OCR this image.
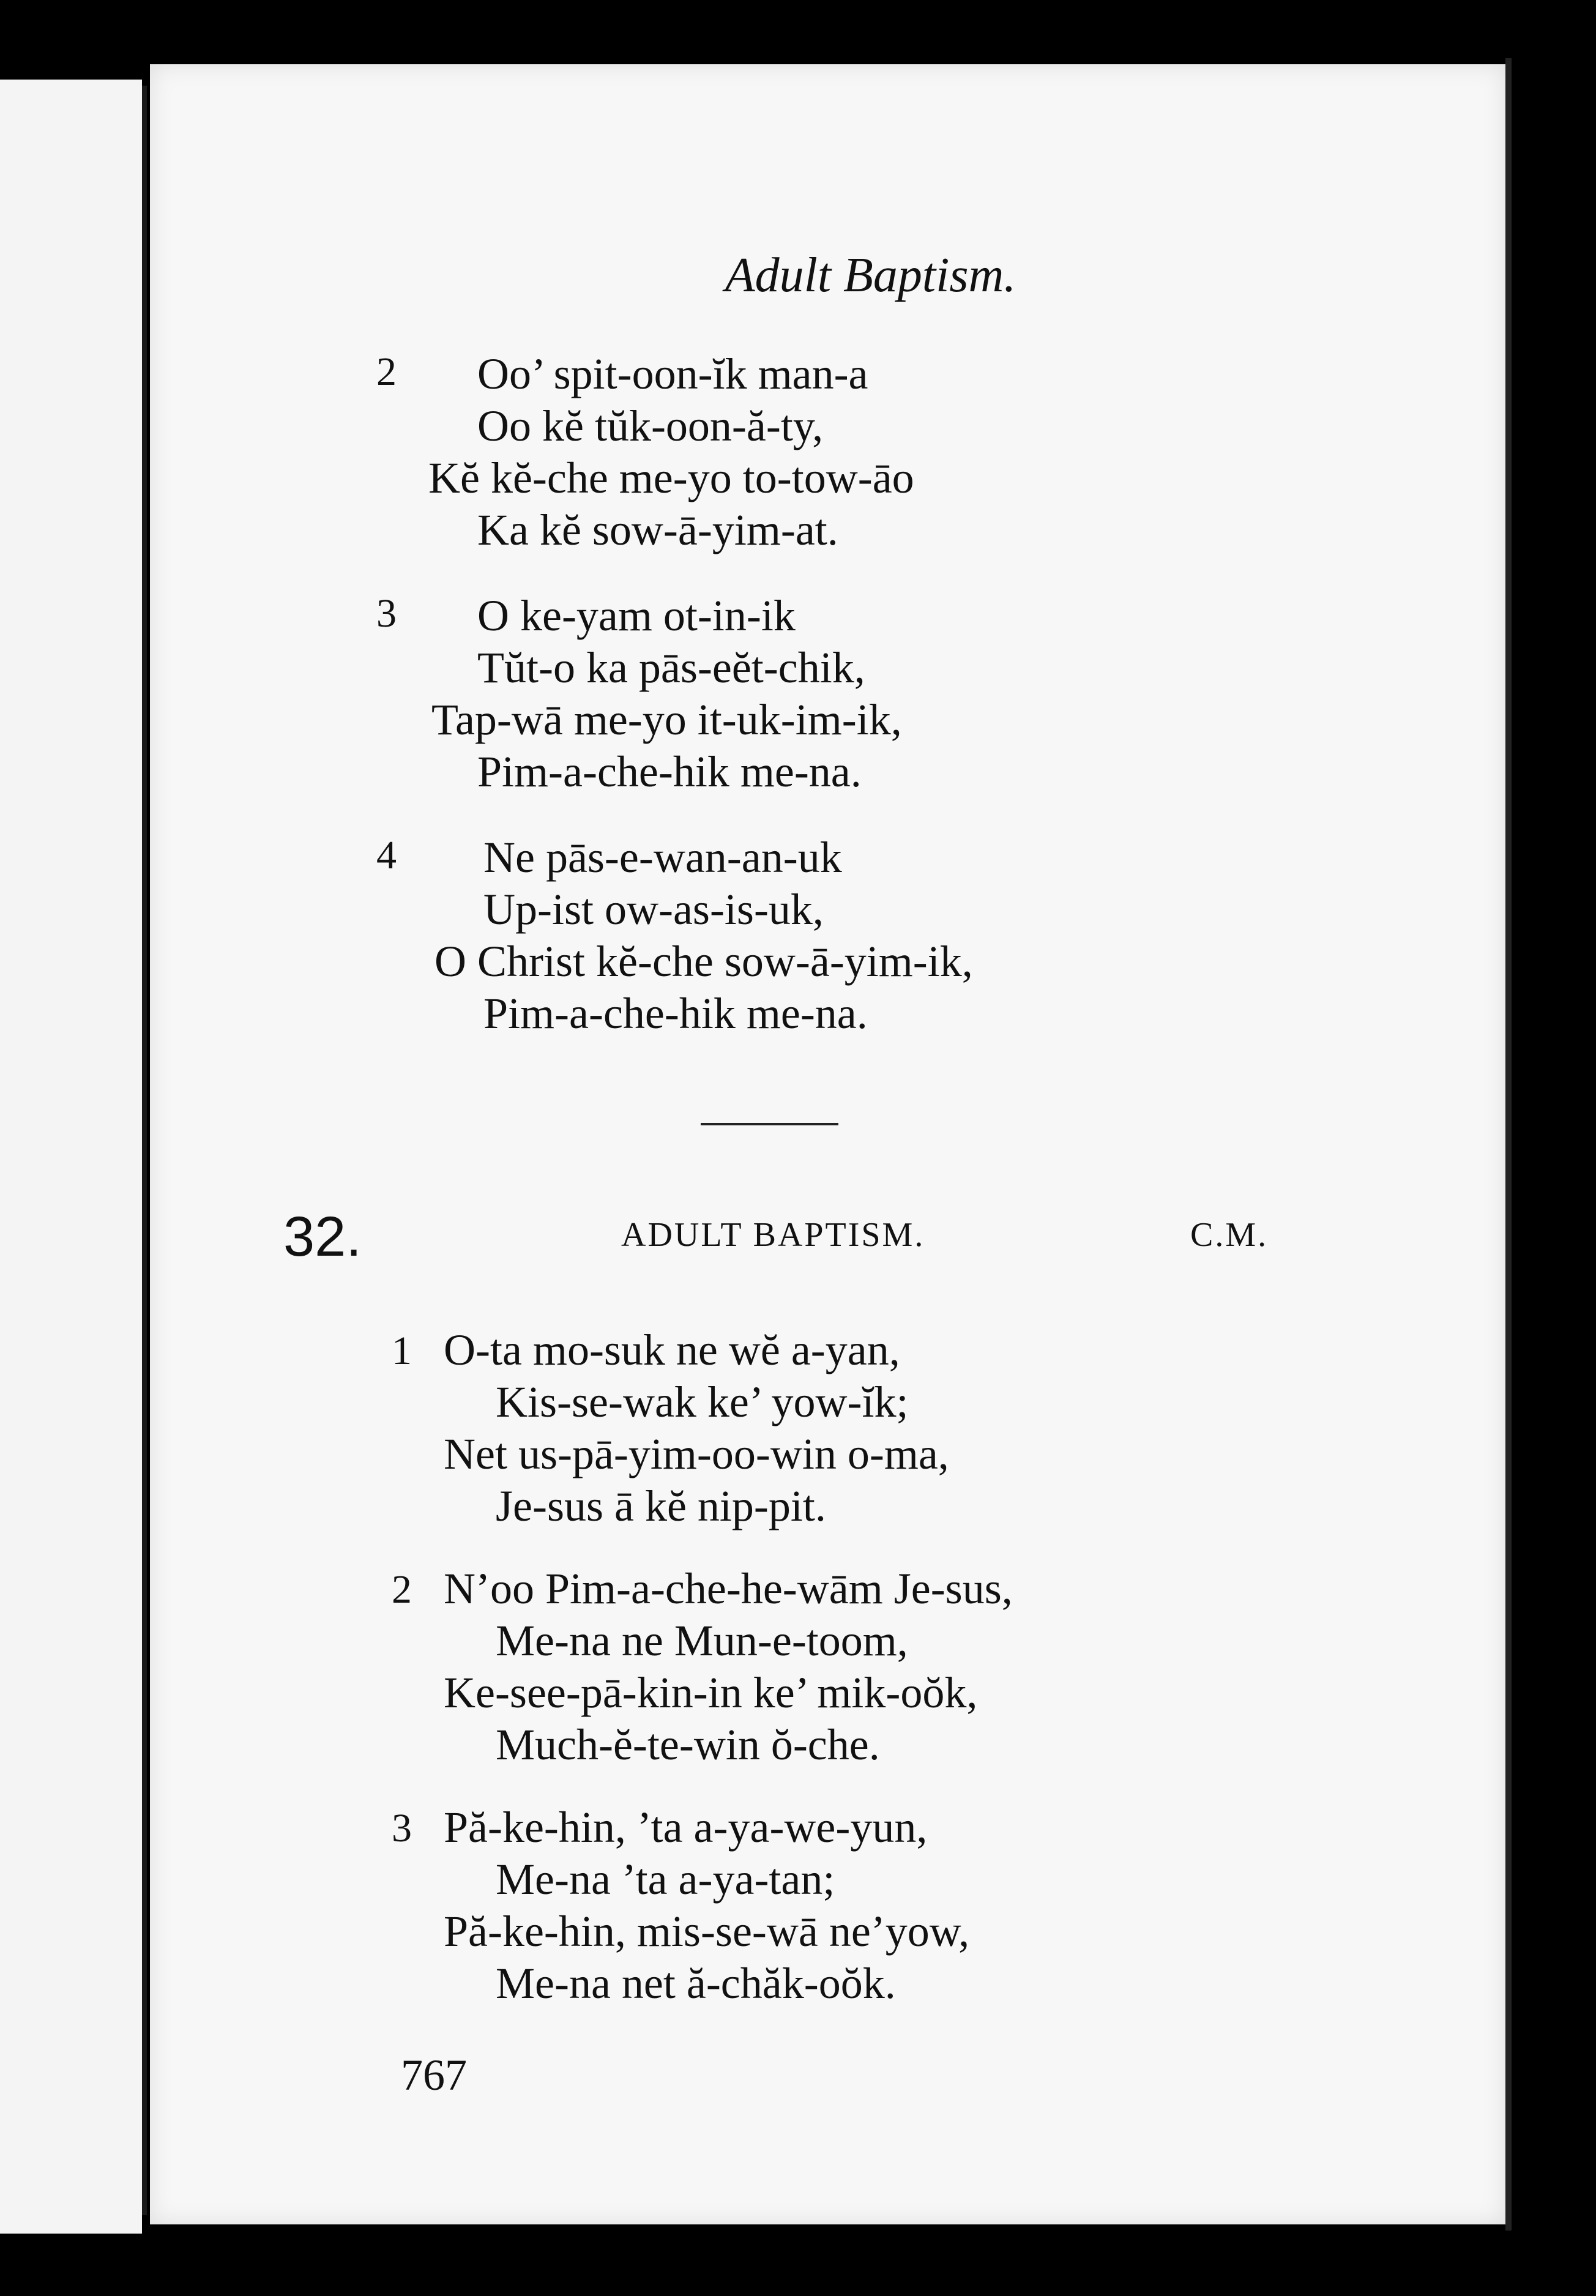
Adult Baptism.
2 Oo’ spit-oon-ĭk man-a
Oo kĕ tŭk-oon-ă-ty,
Kĕ kĕ-che me-yo to-tow-āo
Ka kĕ sow-ā-yim-at.
3 O ke-yam ot-in-ik
Tŭt-o ka pās-eĕt-chik,
Tap-wā me-yo it-uk-im-ik,
Pim-a-che-hik me-na.
4 Ne pās-e-wan-an-uk
Up-ist ow-as-is-uk,
O Christ kĕ-che sow-ā-yim-ik,
Pim-a-che-hik me-na.
32.	ADULT BAPTISM.	C.M.
1 O-ta mo-suk ne wĕ a-yan,
Kis-se-wak ke’ yow-ĭk;
Net us-pā-yim-oo-win o-ma,
Je-sus ā kĕ nip-pit.
2 N’oo Pim-a-che-he-wām Je-sus,
Me-na ne Mun-e-toom,
Ke-see-pā-kin-in ke’ mik-oŏk,
Much-ĕ-te-win ŏ-che.
3 Pă-ke-hin, ’ta a-ya-we-yun,
Me-na ’ta a-ya-tan;
Pă-ke-hin, mis-se-wā ne’yow,
Me-na net ă-chăk-oŏk.
767
